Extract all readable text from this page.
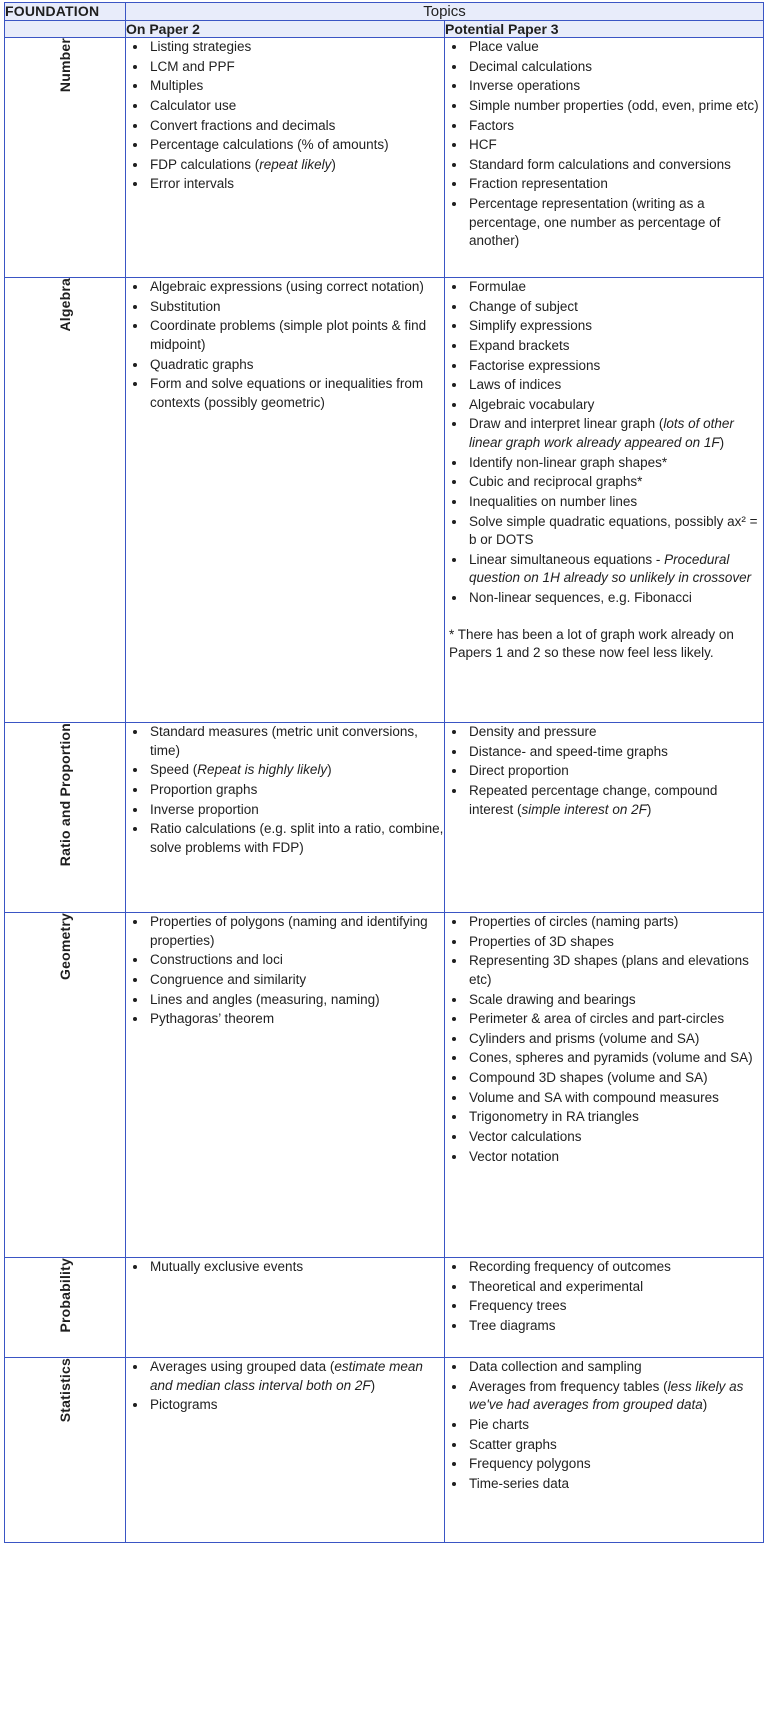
FOUNDATION	Topics	
	On Paper 2	Potential Paper 3
Number	
•Listing strategies
• LCM and PPF
• Multiples
• Calculator use
• Convert fractions and decimals
• Percentage calculations (% of amounts)
• FDP calculations (repeat likely)
• Error intervals

• Place value
• Decimal calculations
• Inverse operations
• Simple number properties (odd, even, prime etc)
• Factors
• HCF
• Standard form calculations and conversions
• Fraction representation
• Percentage representation (writing as a percentage, one number as percentage of another)

Algebra	
•Algebraic expressions (using correct notation)
• Substitution
• Coordinate problems (simple plot points & find midpoint)
• Quadratic graphs
• Form and solve equations or inequalities from contexts (possibly geometric)

• Formulae
• Change of subject
• Simplify expressions
• Expand brackets
• Factorise expressions
• Laws of indices
• Algebraic vocabulary
• Draw and interpret linear graph (lots of other linear graph work already appeared on 1F)
• Identify non-linear graph shapes*
• Cubic and reciprocal graphs*
• Inequalities on number lines
• Solve simple quadratic equations, possibly ax² = b or DOTS
• Linear simultaneous equations - Procedural question on 1H already so unlikely in crossover
• Non-linear sequences, e.g. Fibonacci

* There has been a lot of graph work already on Papers 1 and 2 so these now feel less likely.

Ratio and Proportion	
•Standard measures (metric unit conversions, time)
• Speed (Repeat is highly likely)
• Proportion graphs
• Inverse proportion
• Ratio calculations (e.g. split into a ratio, combine, solve problems with FDP)

• Density and pressure
• Distance- and speed-time graphs
• Direct proportion
• Repeated percentage change, compound interest (simple interest on 2F)

Geometry	
•Properties of polygons (naming and identifying properties)
• Constructions and loci
• Congruence and similarity
• Lines and angles (measuring, naming)
• Pythagoras’ theorem

• Properties of circles (naming parts)
• Properties of 3D shapes
• Representing 3D shapes (plans and elevations etc)
• Scale drawing and bearings
• Perimeter & area of circles and part-circles
• Cylinders and prisms (volume and SA)
• Cones, spheres and pyramids (volume and SA)
• Compound 3D shapes (volume and SA)
• Volume and SA with compound measures
• Trigonometry in RA triangles
• Vector calculations
• Vector notation

Probability	
•Mutually exclusive events

•Recording frequency of outcomes
• Theoretical and experimental
• Frequency trees
• Tree diagrams

Statistics	
•Averages using grouped data (estimate mean and median class interval both on 2F)
• Pictograms

• Data collection and sampling
• Averages from frequency tables (less likely as we've had averages from grouped data)
• Pie charts
• Scatter graphs
• Frequency polygons
• Time-series data
